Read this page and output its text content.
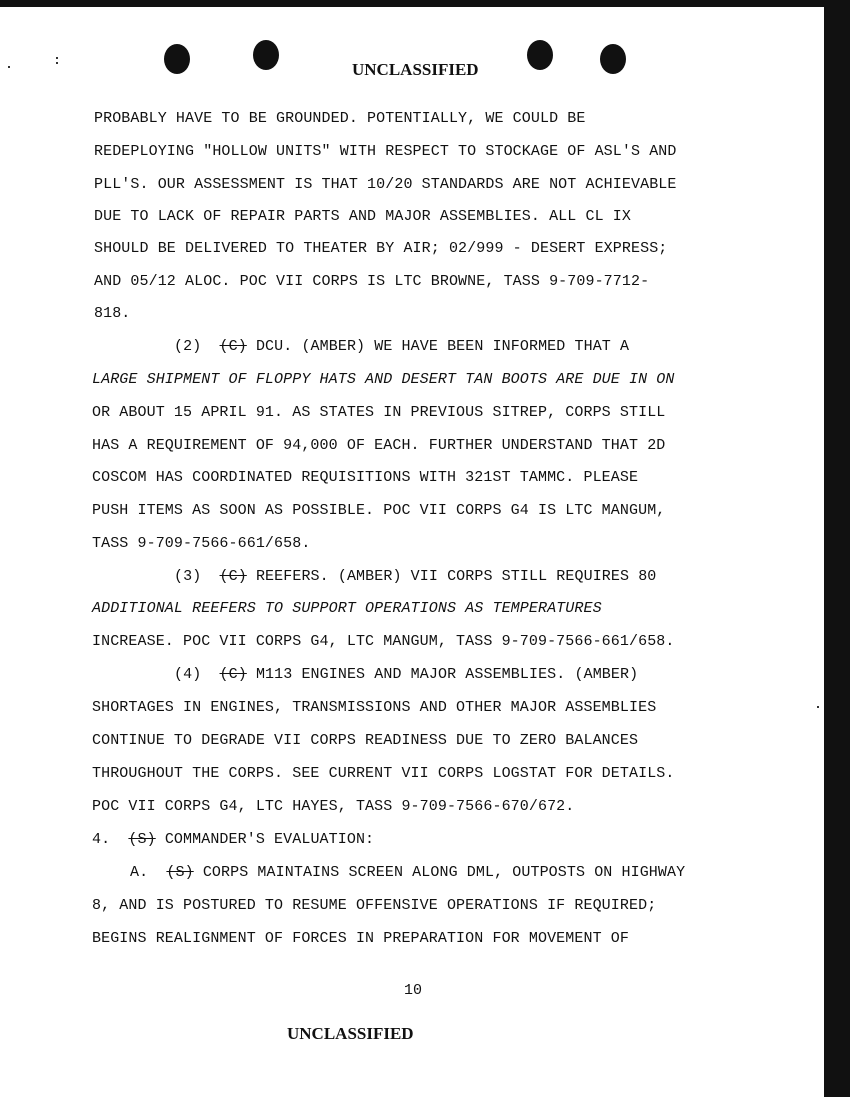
UNCLASSIFIED
PROBABLY HAVE TO BE GROUNDED. POTENTIALLY, WE COULD BE
REDEPLOYING "HOLLOW UNITS" WITH RESPECT TO STOCKAGE OF ASL'S AND
PLL'S. OUR ASSESSMENT IS THAT 10/20 STANDARDS ARE NOT ACHIEVABLE
DUE TO LACK OF REPAIR PARTS AND MAJOR ASSEMBLIES. ALL CL IX
SHOULD BE DELIVERED TO THEATER BY AIR; 02/999 - DESERT EXPRESS;
AND 05/12 ALOC. POC VII CORPS IS LTC BROWNE, TASS 9-709-7712-
818.
(2) (C) DCU. (AMBER) WE HAVE BEEN INFORMED THAT A
LARGE SHIPMENT OF FLOPPY HATS AND DESERT TAN BOOTS ARE DUE IN ON
OR ABOUT 15 APRIL 91. AS STATES IN PREVIOUS SITREP, CORPS STILL
HAS A REQUIREMENT OF 94,000 OF EACH. FURTHER UNDERSTAND THAT 2D
COSCOM HAS COORDINATED REQUISITIONS WITH 321ST TAMMC. PLEASE
PUSH ITEMS AS SOON AS POSSIBLE. POC VII CORPS G4 IS LTC MANGUM,
TASS 9-709-7566-661/658.
(3) (C) REEFERS. (AMBER) VII CORPS STILL REQUIRES 80
ADDITIONAL REEFERS TO SUPPORT OPERATIONS AS TEMPERATURES
INCREASE. POC VII CORPS G4, LTC MANGUM, TASS 9-709-7566-661/658.
(4) (C) M113 ENGINES AND MAJOR ASSEMBLIES. (AMBER)
SHORTAGES IN ENGINES, TRANSMISSIONS AND OTHER MAJOR ASSEMBLIES
CONTINUE TO DEGRADE VII CORPS READINESS DUE TO ZERO BALANCES
THROUGHOUT THE CORPS. SEE CURRENT VII CORPS LOGSTAT FOR DETAILS.
POC VII CORPS G4, LTC HAYES, TASS 9-709-7566-670/672.
4. (S) COMMANDER'S EVALUATION:
A. (S) CORPS MAINTAINS SCREEN ALONG DML, OUTPOSTS ON HIGHWAY
8, AND IS POSTURED TO RESUME OFFENSIVE OPERATIONS IF REQUIRED;
BEGINS REALIGNMENT OF FORCES IN PREPARATION FOR MOVEMENT OF
10
UNCLASSIFIED
